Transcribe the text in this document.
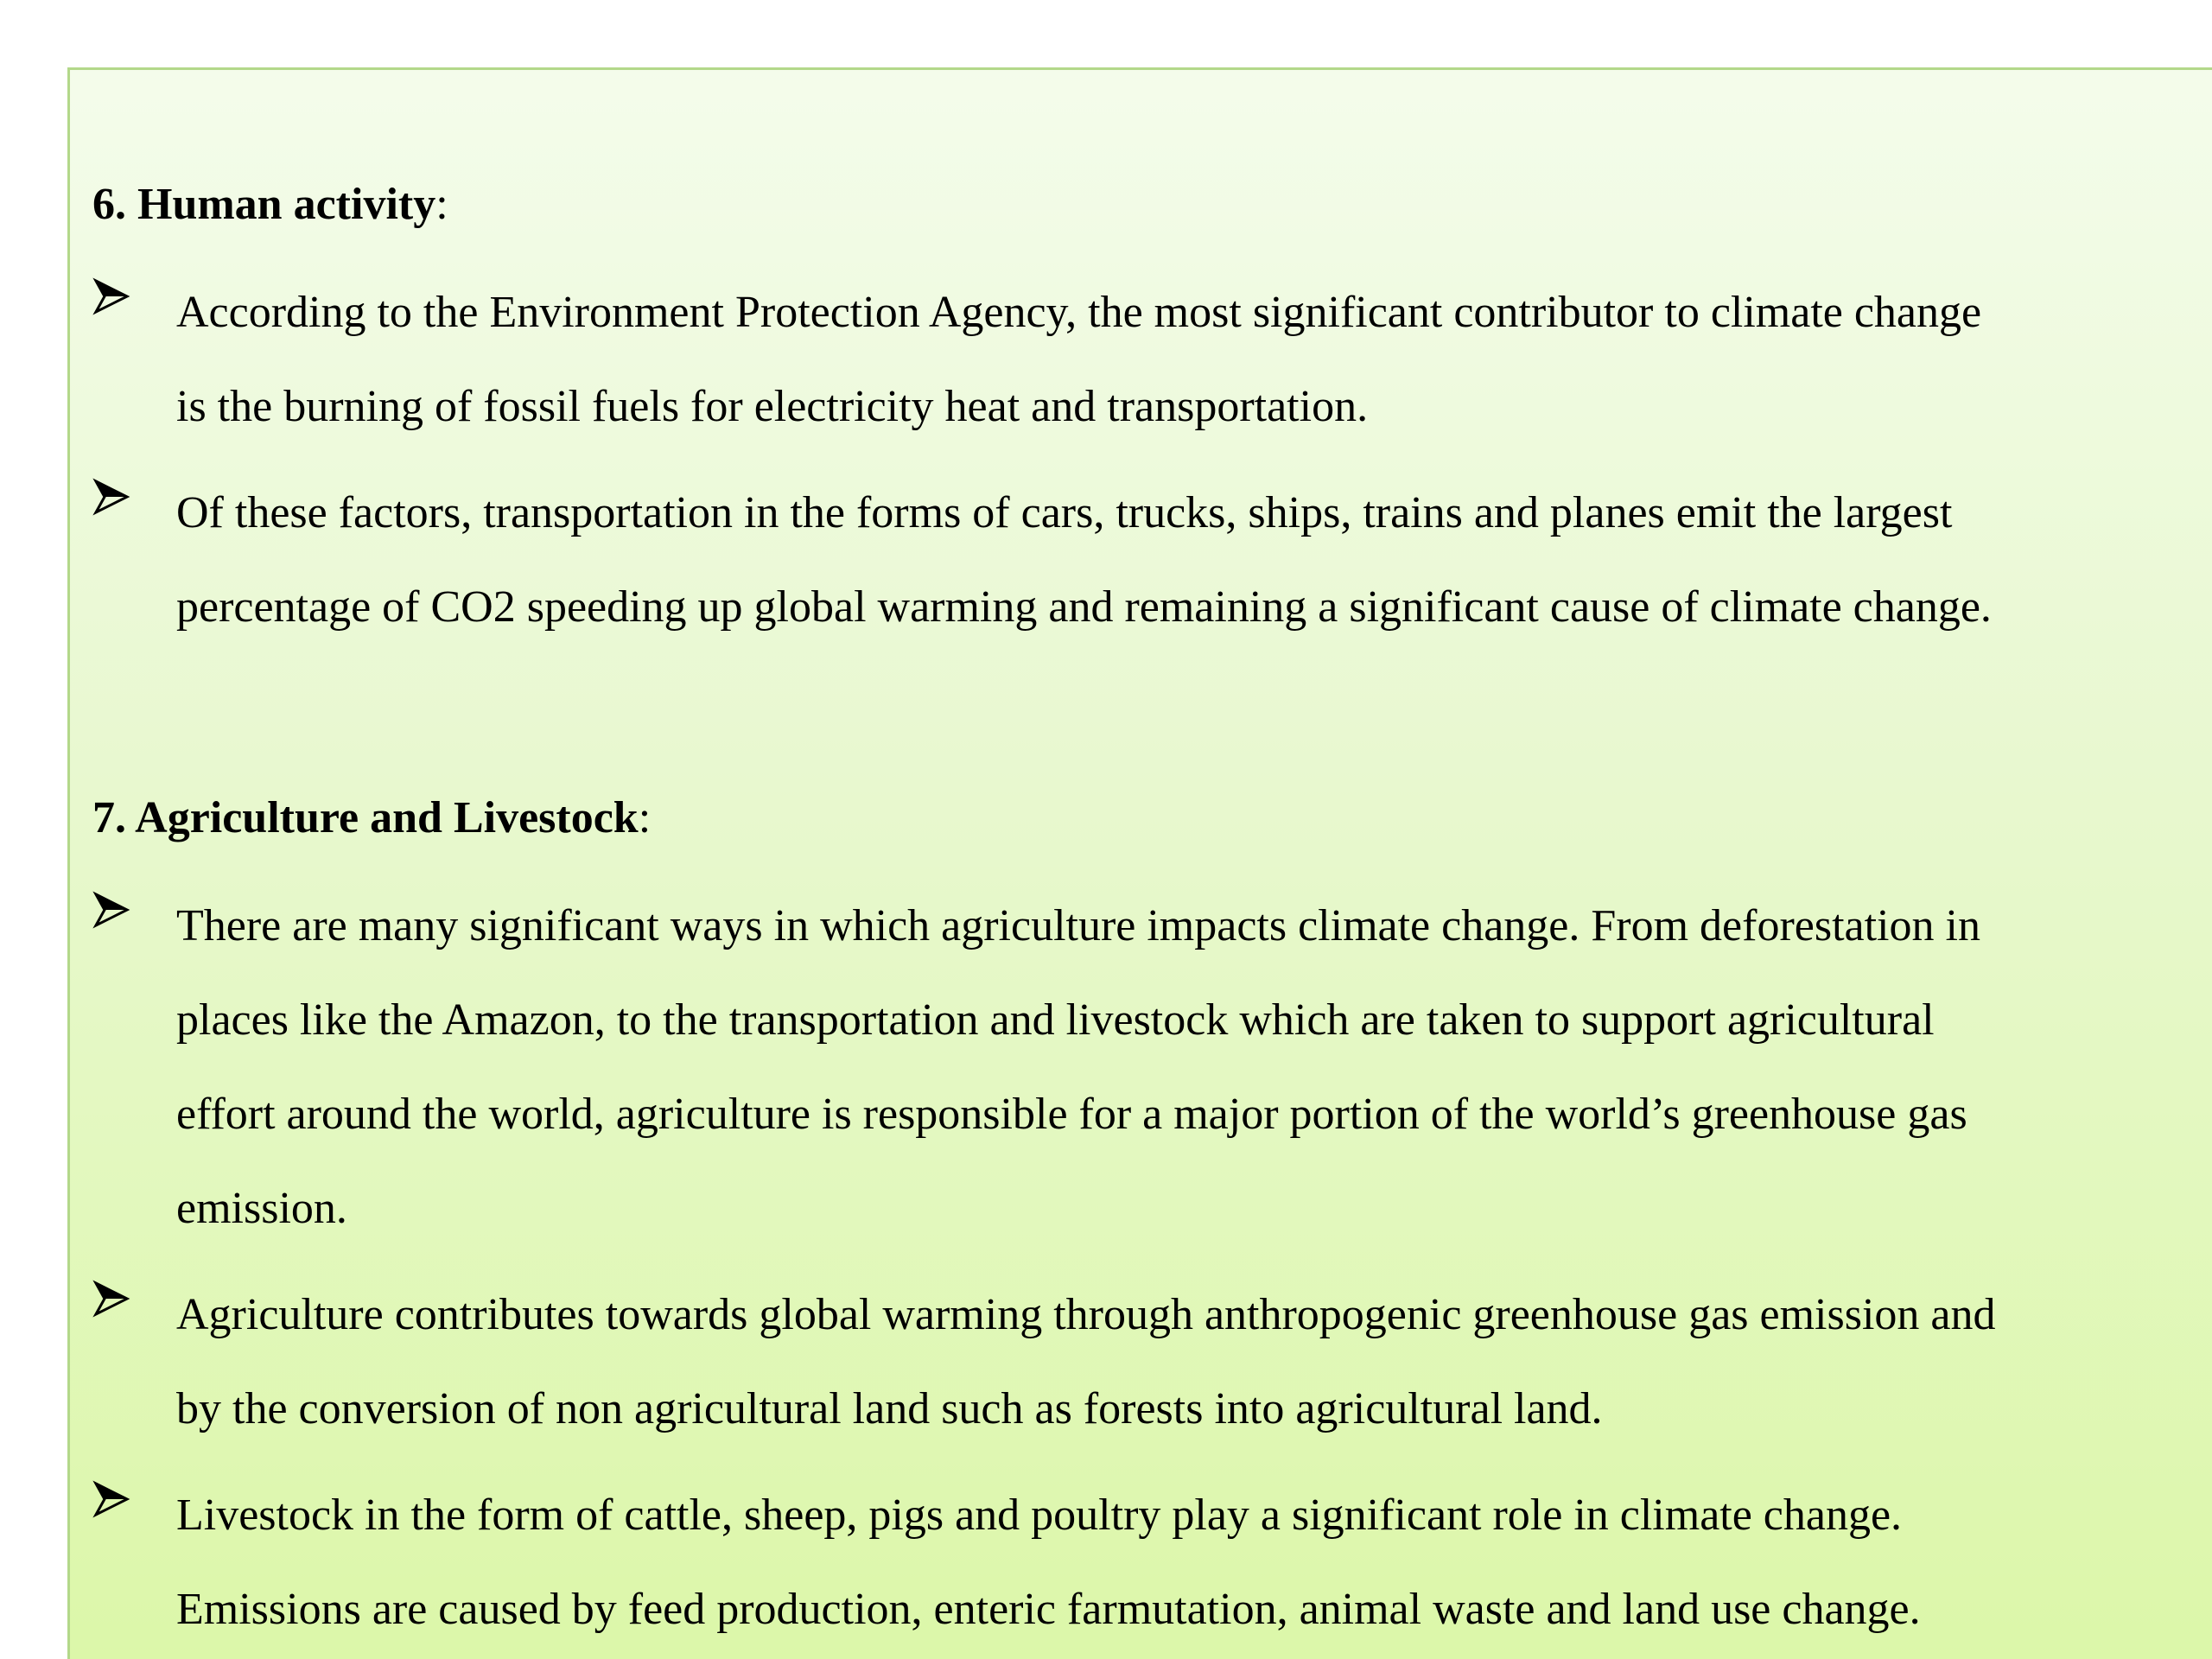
6. Human activity:

According to the Environment Protection Agency, the most significant contributor to climate change
is the burning of fossil fuels for electricity heat and transportation.
Of these factors, transportation in the forms of cars, trucks, ships, trains and planes emit the largest
percentage of CO2 speeding up global warming and remaining a significant cause of climate change.

7. Agriculture and Livestock:

There are many significant ways in which agriculture impacts climate change. From deforestation in
places like the Amazon, to the transportation and livestock which are taken to support agricultural
effort around the world, agriculture is responsible for a major portion of the world’s greenhouse gas
emission.
Agriculture contributes towards global warming through anthropogenic greenhouse gas emission and
by the conversion of non agricultural land such as forests into agricultural land.
Livestock in the form of cattle, sheep, pigs and poultry play a significant role in climate change.
Emissions are caused by feed production, enteric farmutation, animal waste and land use change.
